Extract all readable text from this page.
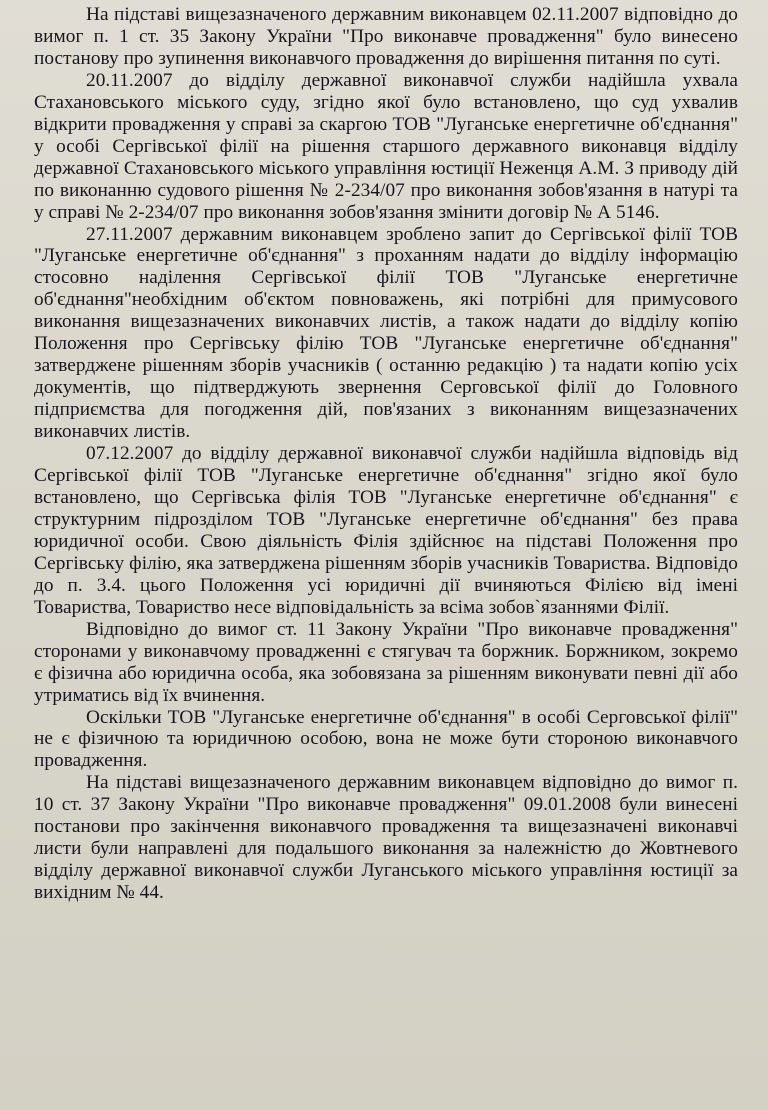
На підставі вищезазначеного державним виконавцем 02.11.2007 відповідно до вимог п. 1 ст. 35 Закону України "Про виконавче провадження" було винесено постанову про зупинення виконавчого провадження до вирішення питання по суті.

20.11.2007 до відділу державної виконавчої служби надійшла ухвала Стахановського міського суду, згідно якої було встановлено, що суд ухвалив відкрити провадження у справі за скаргою ТОВ "Луганське енергетичне об'єднання" у особі Сергівської філії на рішення старшого державного виконавця відділу державної Стахановського міського управління юстиції Неженця А.М. З приводу дій по виконанню судового рішення № 2-234/07 про виконання зобов'язання в натурі та у справі № 2-234/07 про виконання зобов'язання змінити договір № А 5146.

27.11.2007 державним виконавцем зроблено запит до Сергівської філії ТОВ "Луганське енергетичне об'єднання" з проханням надати до відділу інформацію стосовно наділення Сергівської філії ТОВ "Луганське енергетичне об'єднання"необхідним об'єктом повноважень, які потрібні для примусового виконання вищезазначених виконавчих листів, а також надати до відділу копію Положення про Сергівську філію ТОВ "Луганське енергетичне об'єднання" затверджене рішенням зборів учасників ( останню редакцію ) та надати копію усіх документів, що підтверджують звернення Серговської філії до Головного підприємства для погодження дій, пов'язаних з виконанням вищезазначених виконавчих листів.

07.12.2007 до відділу державної виконавчої служби надійшла відповідь від Сергівської філії ТОВ "Луганське енергетичне об'єднання" згідно якої було встановлено, що Сергівська філія ТОВ "Луганське енергетичне об'єднання" є структурним підрозділом ТОВ "Луганське енергетичне об'єднання" без права юридичної особи. Свою діяльність Філія здійснює на підставі Положення про Сергівську філію, яка затверджена рішенням зборів учасників Товариства. Відповідо до п. 3.4. цього Положення усі юридичні дії вчиняються Філією від імені Товариства, Товариство несе відповідальність за всіма зобов`язаннями Філії.

Відповідно до вимог ст. 11 Закону України "Про виконавче провадження" сторонами у виконавчому провадженні є стягувач та боржник. Боржником, зокремо є фізична або юридична особа, яка зобовязана за рішенням виконувати певні дії або утриматись від їх вчинення.

Оскільки ТОВ "Луганське енергетичне об'єднання" в особі Серговської філії" не є фізичною та юридичною особою, вона не може бути стороною виконавчого провадження.

На підставі вищезазначеного державним виконавцем відповідно до вимог п. 10 ст. 37 Закону України "Про виконавче провадження" 09.01.2008 були винесені постанови про закінчення виконавчого провадження та вищезазначені виконавчі листи були направлені для подальшого виконання за належністю до Жовтневого відділу державної виконавчої служби Луганського міського управління юстиції за вихідним № 44.
